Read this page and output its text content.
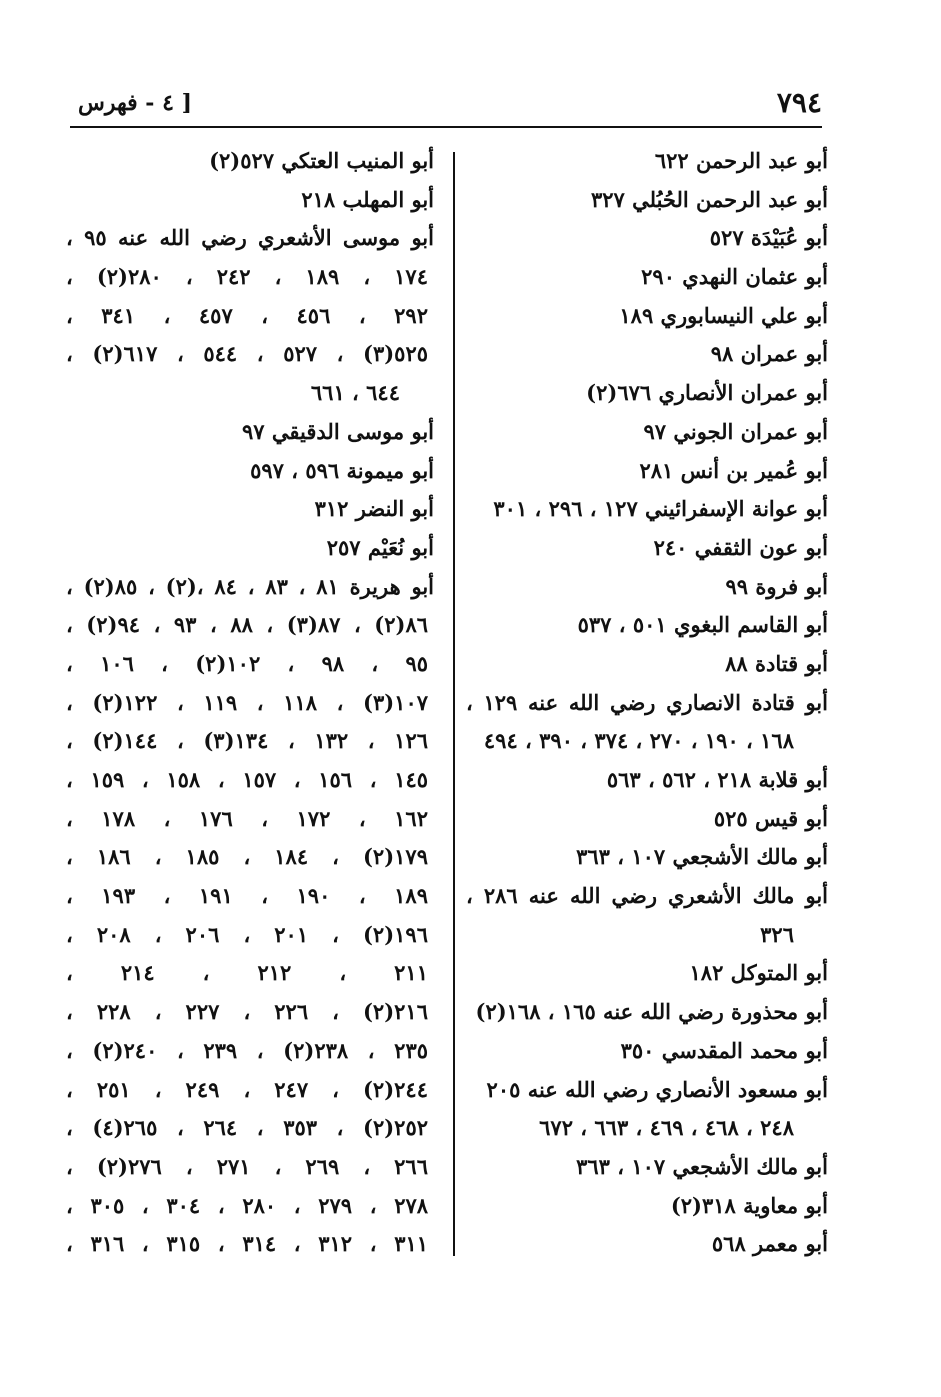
٧٩٤
[ ٤ - فهرس
أبو عبد الرحمن ٦٢٢
أبو عبد الرحمن الحُبُلي ٣٢٧
أبو عُبَيْدَة ٥٢٧
أبو عثمان النهدي ٢٩٠
أبو علي النيسابوري ١٨٩
أبو عمران ٩٨
أبو عمران الأنصاري ٦٧٦(٢)
أبو عمران الجوني ٩٧
أبو عُمير بن أنس ٢٨١
أبو عوانة الإسفرائيني ١٢٧ ، ٢٩٦ ، ٣٠١
أبو عون الثقفي ٢٤٠
أبو فروة ٩٩
أبو القاسم البغوي ٥٠١ ، ٥٣٧
أبو قتادة ٨٨
أبو قتادة الانصاري رضي الله عنه ١٢٩ ،
١٦٨ ، ١٩٠ ، ٢٧٠ ، ٣٧٤ ، ٣٩٠ ، ٤٩٤
أبو قلابة ٢١٨ ، ٥٦٢ ، ٥٦٣
أبو قيس ٥٢٥
أبو مالك الأشجعي ١٠٧ ، ٣٦٣
أبو مالك الأشعري رضي الله عنه ٢٨٦ ،
٣٢٦
أبو المتوكل ١٨٢
أبو محذورة رضي الله عنه ١٦٥ ، ١٦٨(٢)
أبو محمد المقدسي ٣٥٠
أبو مسعود الأنصاري رضي الله عنه ٢٠٥
٢٤٨ ، ٤٦٨ ، ٤٦٩ ، ٦٦٣ ، ٦٧٢
أبو مالك الأشجعي ١٠٧ ، ٣٦٣
أبو معاوية ٣١٨(٢)
أبو معمر ٥٦٨
أبو المنيب العتكي ٥٢٧(٢)
أبو المهلب ٢١٨
أبو موسى الأشعري رضي الله عنه ٩٥ ،
١٧٤ ، ١٨٩ ، ٢٤٢ ، ٢٨٠(٢) ،
٢٩٢ ، ٤٥٦ ، ٤٥٧ ، ٣٤١ ،
٥٢٥(٣) ، ٥٢٧ ، ٥٤٤ ، ٦١٧(٢) ،
٦٤٤ ، ٦٦١
أبو موسى الدقيقي ٩٧
أبو ميمونة ٥٩٦ ، ٥٩٧
أبو النضر ٣١٢
أبو نُعَيْم ٢٥٧
أبو هريرة ٨١ ، ٨٣ ، ٨٤ ،(٢) ، ٨٥(٢) ،
٨٦(٢) ، ٨٧(٣) ، ٨٨ ، ٩٣ ، ٩٤(٢) ،
٩٥ ، ٩٨ ، ١٠٢(٢) ، ١٠٦ ،
١٠٧(٣) ، ١١٨ ، ١١٩ ، ١٢٢(٢) ،
١٢٦ ، ١٣٢ ، ١٣٤(٣) ، ١٤٤(٢) ،
١٤٥ ، ١٥٦ ، ١٥٧ ، ١٥٨ ، ١٥٩ ،
١٦٢ ، ١٧٢ ، ١٧٦ ، ١٧٨ ،
١٧٩(٢) ، ١٨٤ ، ١٨٥ ، ١٨٦ ،
١٨٩ ، ١٩٠ ، ١٩١ ، ١٩٣ ،
١٩٦(٢) ، ٢٠١ ، ٢٠٦ ، ٢٠٨ ،
٢١١ ، ٢١٢ ، ٢١٤ ،
٢١٦(٢) ، ٢٢٦ ، ٢٢٧ ، ٢٢٨ ،
٢٣٥ ، ٢٣٨(٢) ، ٢٣٩ ، ٢٤٠(٢) ،
٢٤٤(٢) ، ٢٤٧ ، ٢٤٩ ، ٢٥١ ،
٢٥٢(٢) ، ٣٥٣ ، ٢٦٤ ، ٢٦٥(٤) ،
٢٦٦ ، ٢٦٩ ، ٢٧١ ، ٢٧٦(٢) ،
٢٧٨ ، ٢٧٩ ، ٢٨٠ ، ٣٠٤ ، ٣٠٥ ،
٣١١ ، ٣١٢ ، ٣١٤ ، ٣١٥ ، ٣١٦ ،
